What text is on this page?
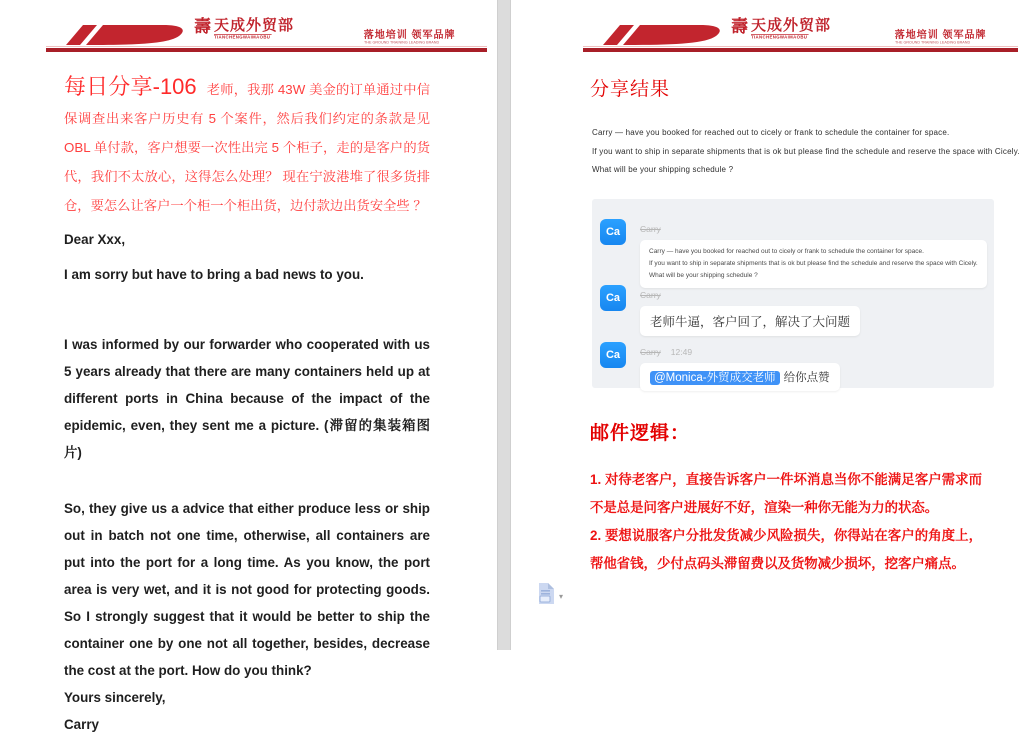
壽 天成外贸部
TIANCHENGWAIMAOBU	落地培训 领军品牌
THE GROUND TRAINING LEADING BRAND

每日分享-106 老师，我那 43W 美金的订单通过中信保调查出来客户历史有 5 个案件，然后我们约定的条款是见 OBL 单付款，客户想要一次性出完 5 个柜子，走的是客户的货代，我们不太放心，这得怎么处理？ 现在宁波港堆了很多货排仓，要怎么让客户一个柜一个柜出货，边付款边出货安全些 ？

Dear Xxx,

I am sorry but have to bring a bad news to you.

I was informed by our forwarder who cooperated with us 5 years already that there are many containers held up at different ports in China because of the impact of the epidemic, even, they sent me a picture. (滞留的集装箱图片)

So, they give us a advice that either produce less or ship out in batch not one time, otherwise, all containers are put into the port for a long time. As you know, the port area is very wet, and it is not good for protecting goods. So I strongly suggest that it would be better to ship the container one by one not all together, besides, decrease the cost at the port. How do you think?

Yours sincerely,

Carry

壽 天成外贸部
TIANCHENGWAIMAOBU	落地培训 领军品牌
THE GROUND TRAINING LEADING BRAND
分享结果
Carry — have you booked for reached out to cicely or frank to schedule the container for space.
If you want to ship in separate shipments that is ok but please find the schedule and reserve the space with Cicely.
What will be your shipping schedule ?
Ca	Carry
Carry — have you booked for reached out to cicely or frank to schedule the container for space.
If you want to ship in separate shipments that is ok but please find the schedule and reserve the space with Cicely.
What will be your shipping schedule ?
Ca	Carry
老师牛逼，客户回了，解决了大问题
Ca	Carry 12:49
@Monica-外贸成交老师 给你点赞
邮件逻辑：

1. 对待老客户，直接告诉客户一件坏消息当你不能满足客户需求而不是总是问客户进展好不好，渲染一种你无能为力的状态。

2. 要想说服客户分批发货减少风险损失，你得站在客户的角度上，帮他省钱，少付点码头滞留费以及货物减少损坏，挖客户痛点。

▾
